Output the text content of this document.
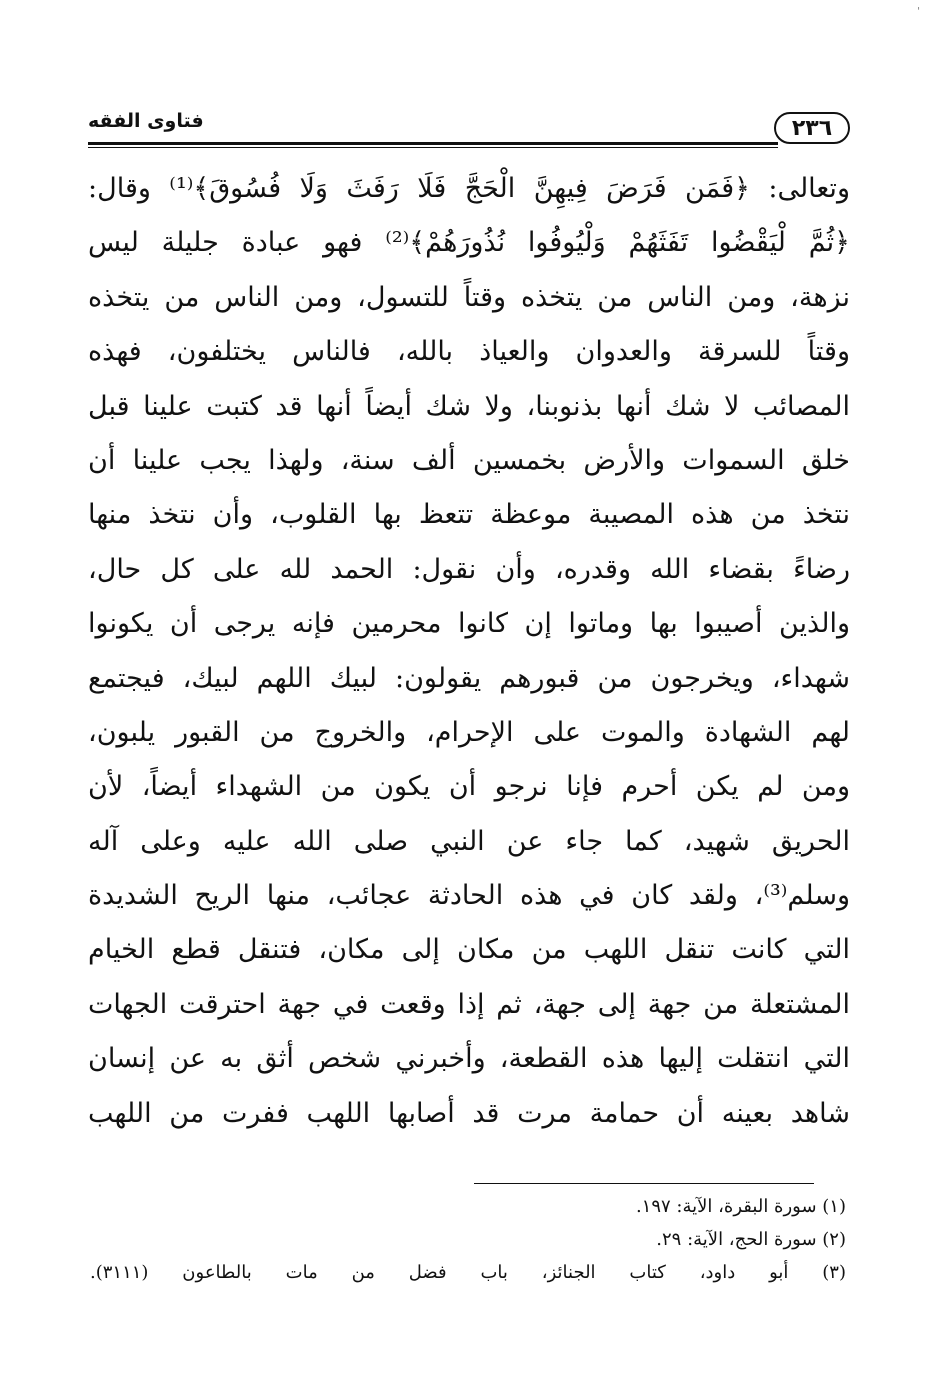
'
٢٣٦
فتاوى الفقه
وتعالى: ﴿فَمَن فَرَضَ فِيهِنَّ الْحَجَّ فَلَا رَفَثَ وَلَا فُسُوقَ﴾⁽¹⁾ وقال:
﴿ثُمَّ لْيَقْضُوا تَفَثَهُمْ وَلْيُوفُوا نُذُورَهُمْ﴾⁽²⁾ فهو عبادة جليلة ليس
نزهة، ومن الناس من يتخذه وقتاً للتسول، ومن الناس من يتخذه
وقتاً للسرقة والعدوان والعياذ بالله، فالناس يختلفون، فهذه
المصائب لا شك أنها بذنوبنا، ولا شك أيضاً أنها قد كتبت علينا قبل
خلق السموات والأرض بخمسين ألف سنة، ولهذا يجب علينا أن
نتخذ من هذه المصيبة موعظة تتعظ بها القلوب، وأن نتخذ منها
رضاءً بقضاء الله وقدره، وأن نقول: الحمد لله على كل حال،
والذين أصيبوا بها وماتوا إن كانوا محرمين فإنه يرجى أن يكونوا
شهداء، ويخرجون من قبورهم يقولون: لبيك اللهم لبيك، فيجتمع
لهم الشهادة والموت على الإحرام، والخروج من القبور يلبون،
ومن لم يكن أحرم فإنا نرجو أن يكون من الشهداء أيضاً، لأن
الحريق شهيد، كما جاء عن النبي صلى الله عليه وعلى آله
وسلم⁽³⁾، ولقد كان في هذه الحادثة عجائب، منها الريح الشديدة
التي كانت تنقل اللهب من مكان إلى مكان، فتنقل قطع الخيام
المشتعلة من جهة إلى جهة، ثم إذا وقعت في جهة احترقت الجهات
التي انتقلت إليها هذه القطعة، وأخبرني شخص أثق به عن إنسان
شاهد بعينه أن حمامة مرت قد أصابها اللهب ففرت من اللهب
(١) سورة البقرة، الآية: ١٩٧.
(٢) سورة الحج، الآية: ٢٩.
(٣) أبو داود، كتاب الجنائز، باب فضل من مات بالطاعون (٣١١١).
